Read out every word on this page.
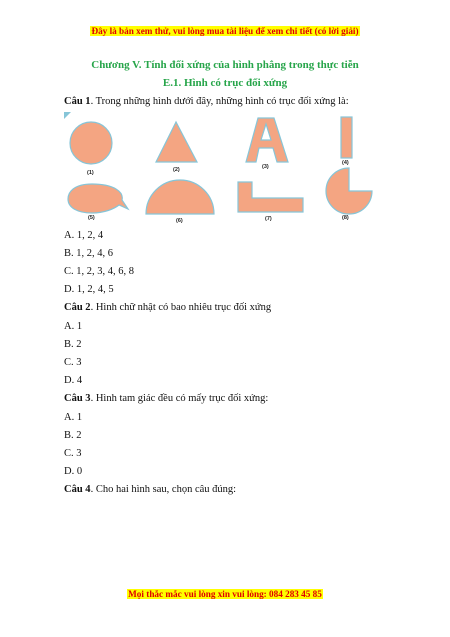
Đây là bản xem thử, vui lòng mua tài liệu để xem chi tiết (có lời giải)
Chương V. Tính đối xứng của hình phẳng trong thực tiễn
E.1. Hình có trục đối xứng
Câu 1. Trong những hình dưới đây, những hình có trục đối xứng là:
(1)	(2)	(3)
(4)
(5)	(6)	(7)	(8)
A. 1, 2, 4
B. 1, 2, 4, 6
C. 1, 2, 3, 4, 6, 8
D. 1, 2, 4, 5
Câu 2. Hình chữ nhật có bao nhiêu trục đối xứng
A. 1
B. 2
C. 3
D. 4
Câu 3. Hình tam giác đều có mấy trục đối xứng:
A. 1
B. 2
C. 3
D. 0
Câu 4. Cho hai hình sau, chọn câu đúng:
Mọi thắc mắc vui lòng xin vui lòng: 084 283 45 85
